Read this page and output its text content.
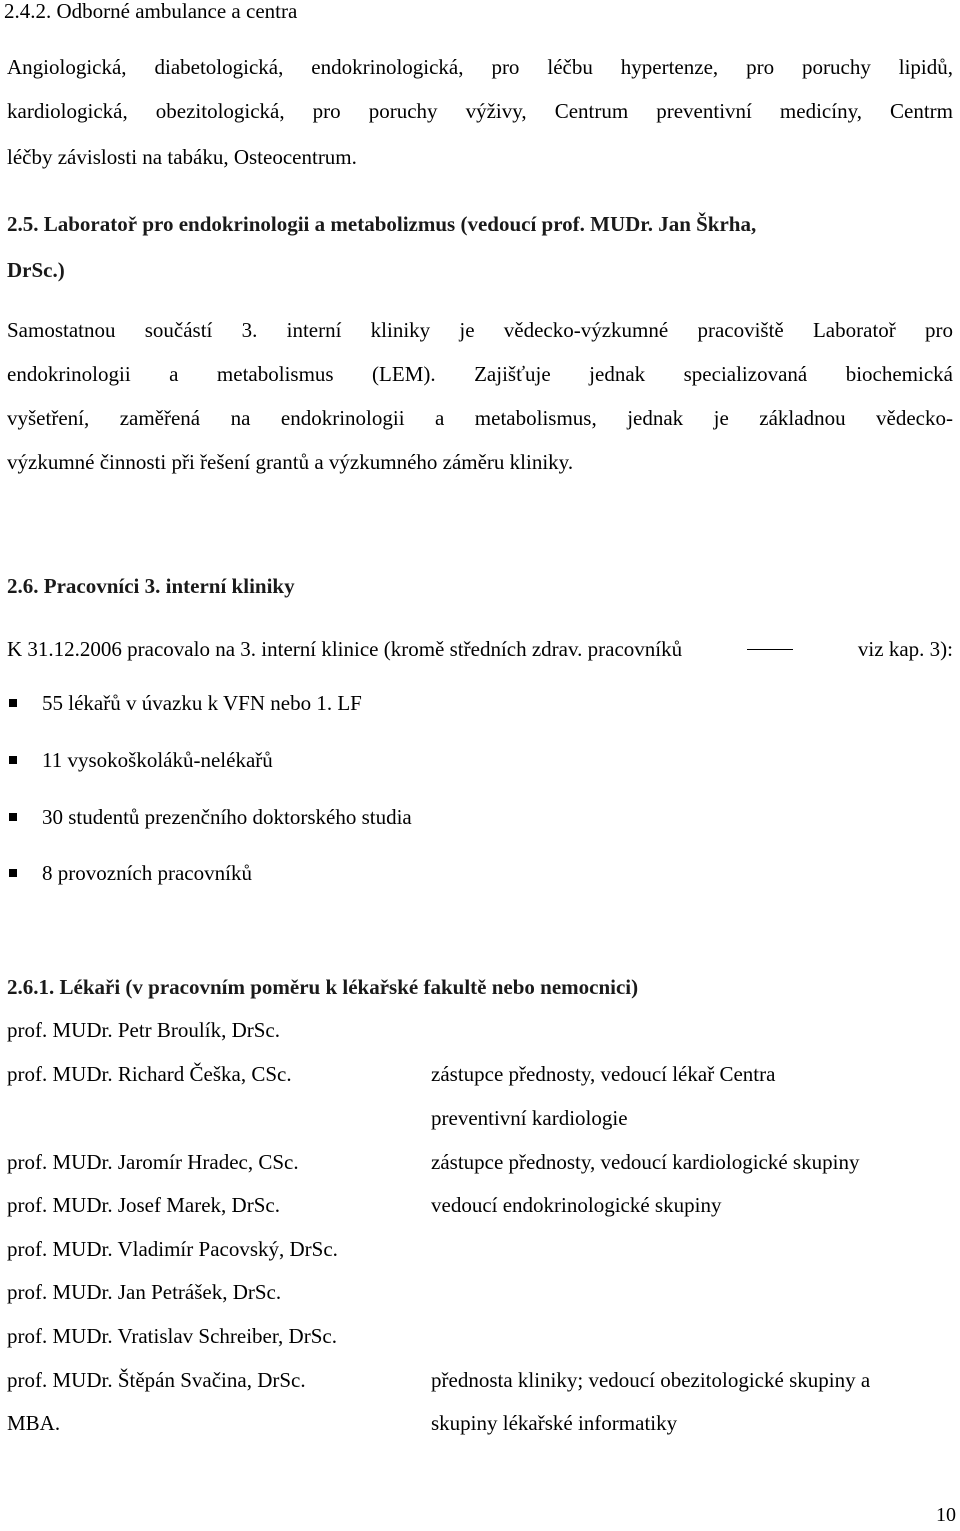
2.4.2. Odborné ambulance a centra
Angiologická, diabetologická, endokrinologická, pro léčbu hypertenze, pro poruchy lipidů,
kardiologická, obezitologická, pro poruchy výživy, Centrum preventivní medicíny, Centrm
léčby závislosti na tabáku, Osteocentrum.
2.5. Laboratoř pro endokrinologii a metabolizmus (vedoucí prof. MUDr. Jan Škrha,
DrSc.)
Samostatnou součástí 3. interní kliniky je vědecko-výzkumné pracoviště Laboratoř pro
endokrinologii a metabolismus (LEM). Zajišťuje jednak specializovaná biochemická
vyšetření, zaměřená na endokrinologii a metabolismus, jednak je základnou vědecko-
výzkumné činnosti při řešení grantů a výzkumného záměru kliniky.
2.6. Pracovníci 3. interní kliniky
K 31.12.2006 pracovalo na 3. interní klinice (kromě středních zdrav. pracovníků	viz kap. 3):
55 lékařů v úvazku k VFN nebo 1. LF
11 vysokoškoláků-nelékařů
30 studentů prezenčního doktorského studia
8 provozních pracovníků
2.6.1. Lékaři (v pracovním poměru k lékařské fakultě nebo nemocnici)
prof. MUDr. Petr Broulík, DrSc.
prof. MUDr. Richard Češka, CSc.	zástupce přednosty, vedoucí lékař Centra
preventivní kardiologie
prof. MUDr. Jaromír Hradec, CSc.	zástupce přednosty, vedoucí kardiologické skupiny
prof. MUDr. Josef Marek, DrSc.	vedoucí endokrinologické skupiny
prof. MUDr. Vladimír Pacovský, DrSc.
prof. MUDr. Jan Petrášek, DrSc.
prof. MUDr. Vratislav Schreiber, DrSc.
prof. MUDr. Štěpán Svačina, DrSc.	přednosta kliniky; vedoucí obezitologické skupiny a
MBA.	skupiny lékařské informatiky
10
